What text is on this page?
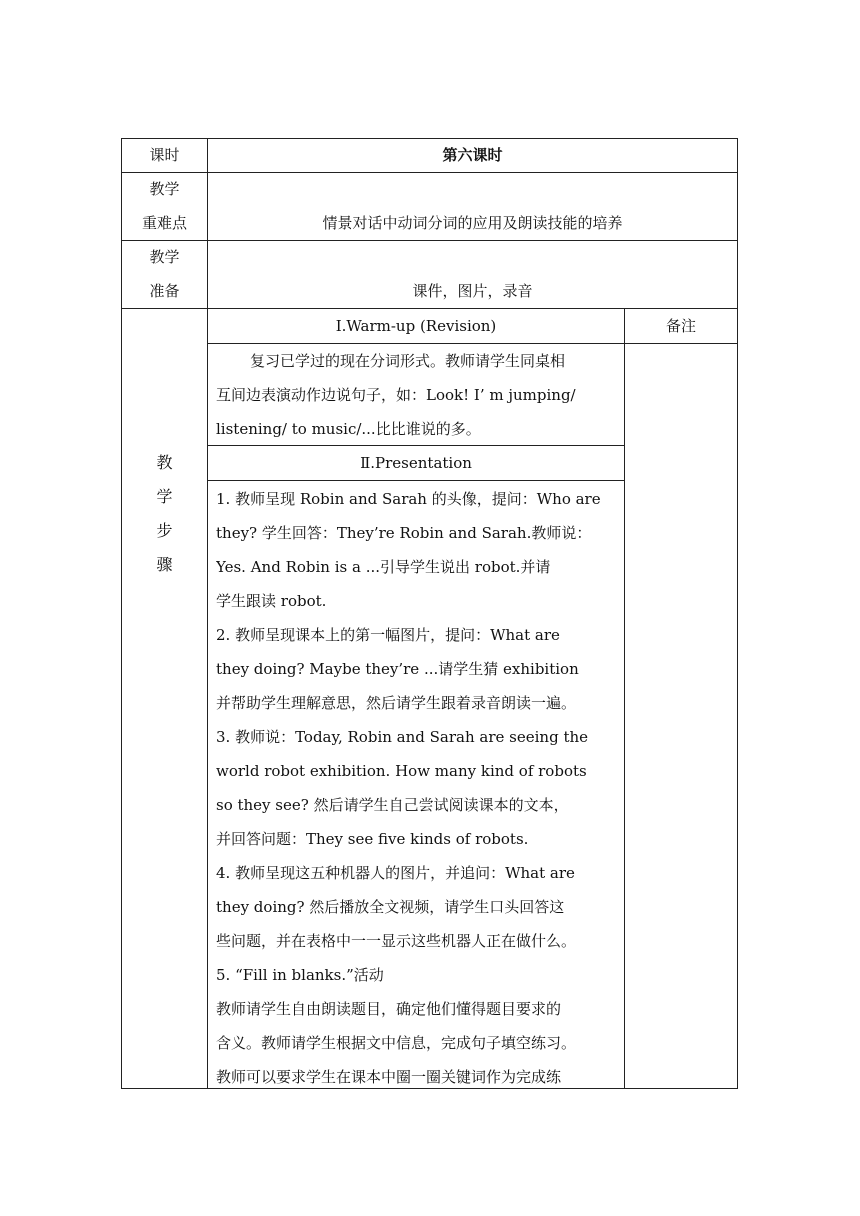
课时	第六课时
教学
重难点	情景对话中动词分词的应用及朗读技能的培养
教学
准备	课件，图片，录音
教
学
步
骤
Ⅰ.Warm-up (Revision)	备注
复习已学过的现在分词形式。教师请学生同桌相
互间边表演动作边说句子，如：Look! I’ m jumping/
listening/ to music/...比比谁说的多。
Ⅱ.Presentation
1. 教师呈现 Robin and Sarah 的头像，提问：Who are
they? 学生回答：They’re Robin and Sarah.教师说：
Yes. And Robin is a ...引导学生说出 robot.并请
学生跟读 robot.
2. 教师呈现课本上的第一幅图片，提问：What are
they doing? Maybe they’re ...请学生猜 exhibition
并帮助学生理解意思，然后请学生跟着录音朗读一遍。
3. 教师说：Today, Robin and Sarah are seeing the
world robot exhibition. How many kind of robots
so they see? 然后请学生自己尝试阅读课本的文本，
并回答问题：They see five kinds of robots.
4. 教师呈现这五种机器人的图片，并追问：What are
they doing? 然后播放全文视频，请学生口头回答这
些问题，并在表格中一一显示这些机器人正在做什么。
5. “Fill in blanks.”活动
教师请学生自由朗读题目，确定他们懂得题目要求的
含义。教师请学生根据文中信息，完成句子填空练习。
教师可以要求学生在课本中圈一圈关键词作为完成练
